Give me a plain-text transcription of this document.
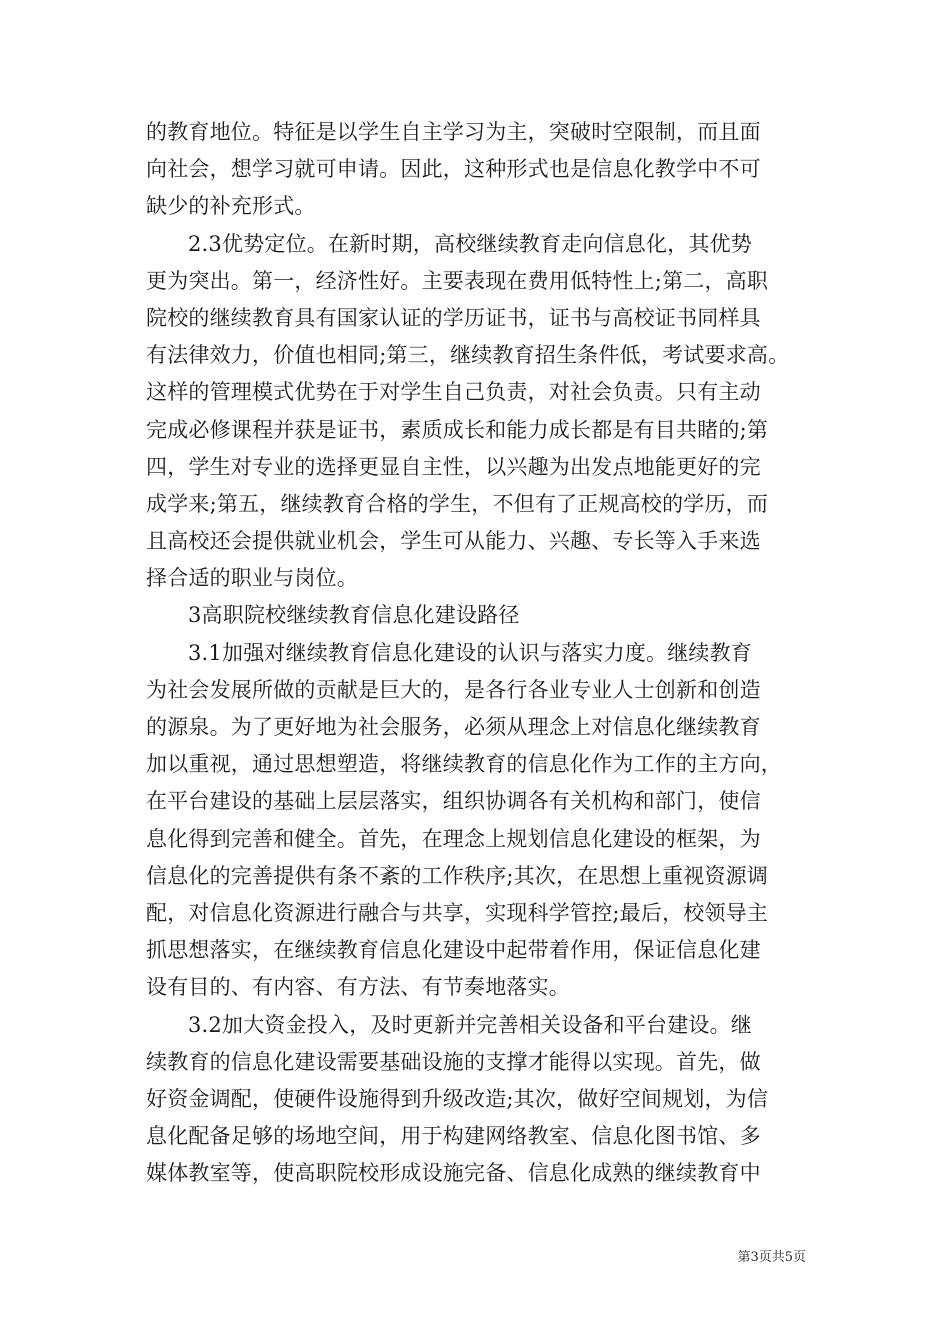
的教育地位。特征是以学生自主学习为主，突破时空限制，而且面
向社会，想学习就可申请。因此，这种形式也是信息化教学中不可
缺少的补充形式。
2.3优势定位。在新时期，高校继续教育走向信息化，其优势
更为突出。第一，经济性好。主要表现在费用低特性上;第二，高职
院校的继续教育具有国家认证的学历证书，证书与高校证书同样具
有法律效力，价值也相同;第三，继续教育招生条件低，考试要求高。
这样的管理模式优势在于对学生自己负责，对社会负责。只有主动
完成必修课程并获是证书，素质成长和能力成长都是有目共睹的;第
四，学生对专业的选择更显自主性，以兴趣为出发点地能更好的完
成学来;第五，继续教育合格的学生，不但有了正规高校的学历，而
且高校还会提供就业机会，学生可从能力、兴趣、专长等入手来选
择合适的职业与岗位。
3高职院校继续教育信息化建设路径
3.1加强对继续教育信息化建设的认识与落实力度。继续教育
为社会发展所做的贡献是巨大的，是各行各业专业人士创新和创造
的源泉。为了更好地为社会服务，必须从理念上对信息化继续教育
加以重视，通过思想塑造，将继续教育的信息化作为工作的主方向，
在平台建设的基础上层层落实，组织协调各有关机构和部门，使信
息化得到完善和健全。首先，在理念上规划信息化建设的框架，为
信息化的完善提供有条不紊的工作秩序;其次，在思想上重视资源调
配，对信息化资源进行融合与共享，实现科学管控;最后，校领导主
抓思想落实，在继续教育信息化建设中起带着作用，保证信息化建
设有目的、有内容、有方法、有节奏地落实。
3.2加大资金投入，及时更新并完善相关设备和平台建设。继
续教育的信息化建设需要基础设施的支撑才能得以实现。首先，做
好资金调配，使硬件设施得到升级改造;其次，做好空间规划，为信
息化配备足够的场地空间，用于构建网络教室、信息化图书馆、多
媒体教室等，使高职院校形成设施完备、信息化成熟的继续教育中
第3页共5页
